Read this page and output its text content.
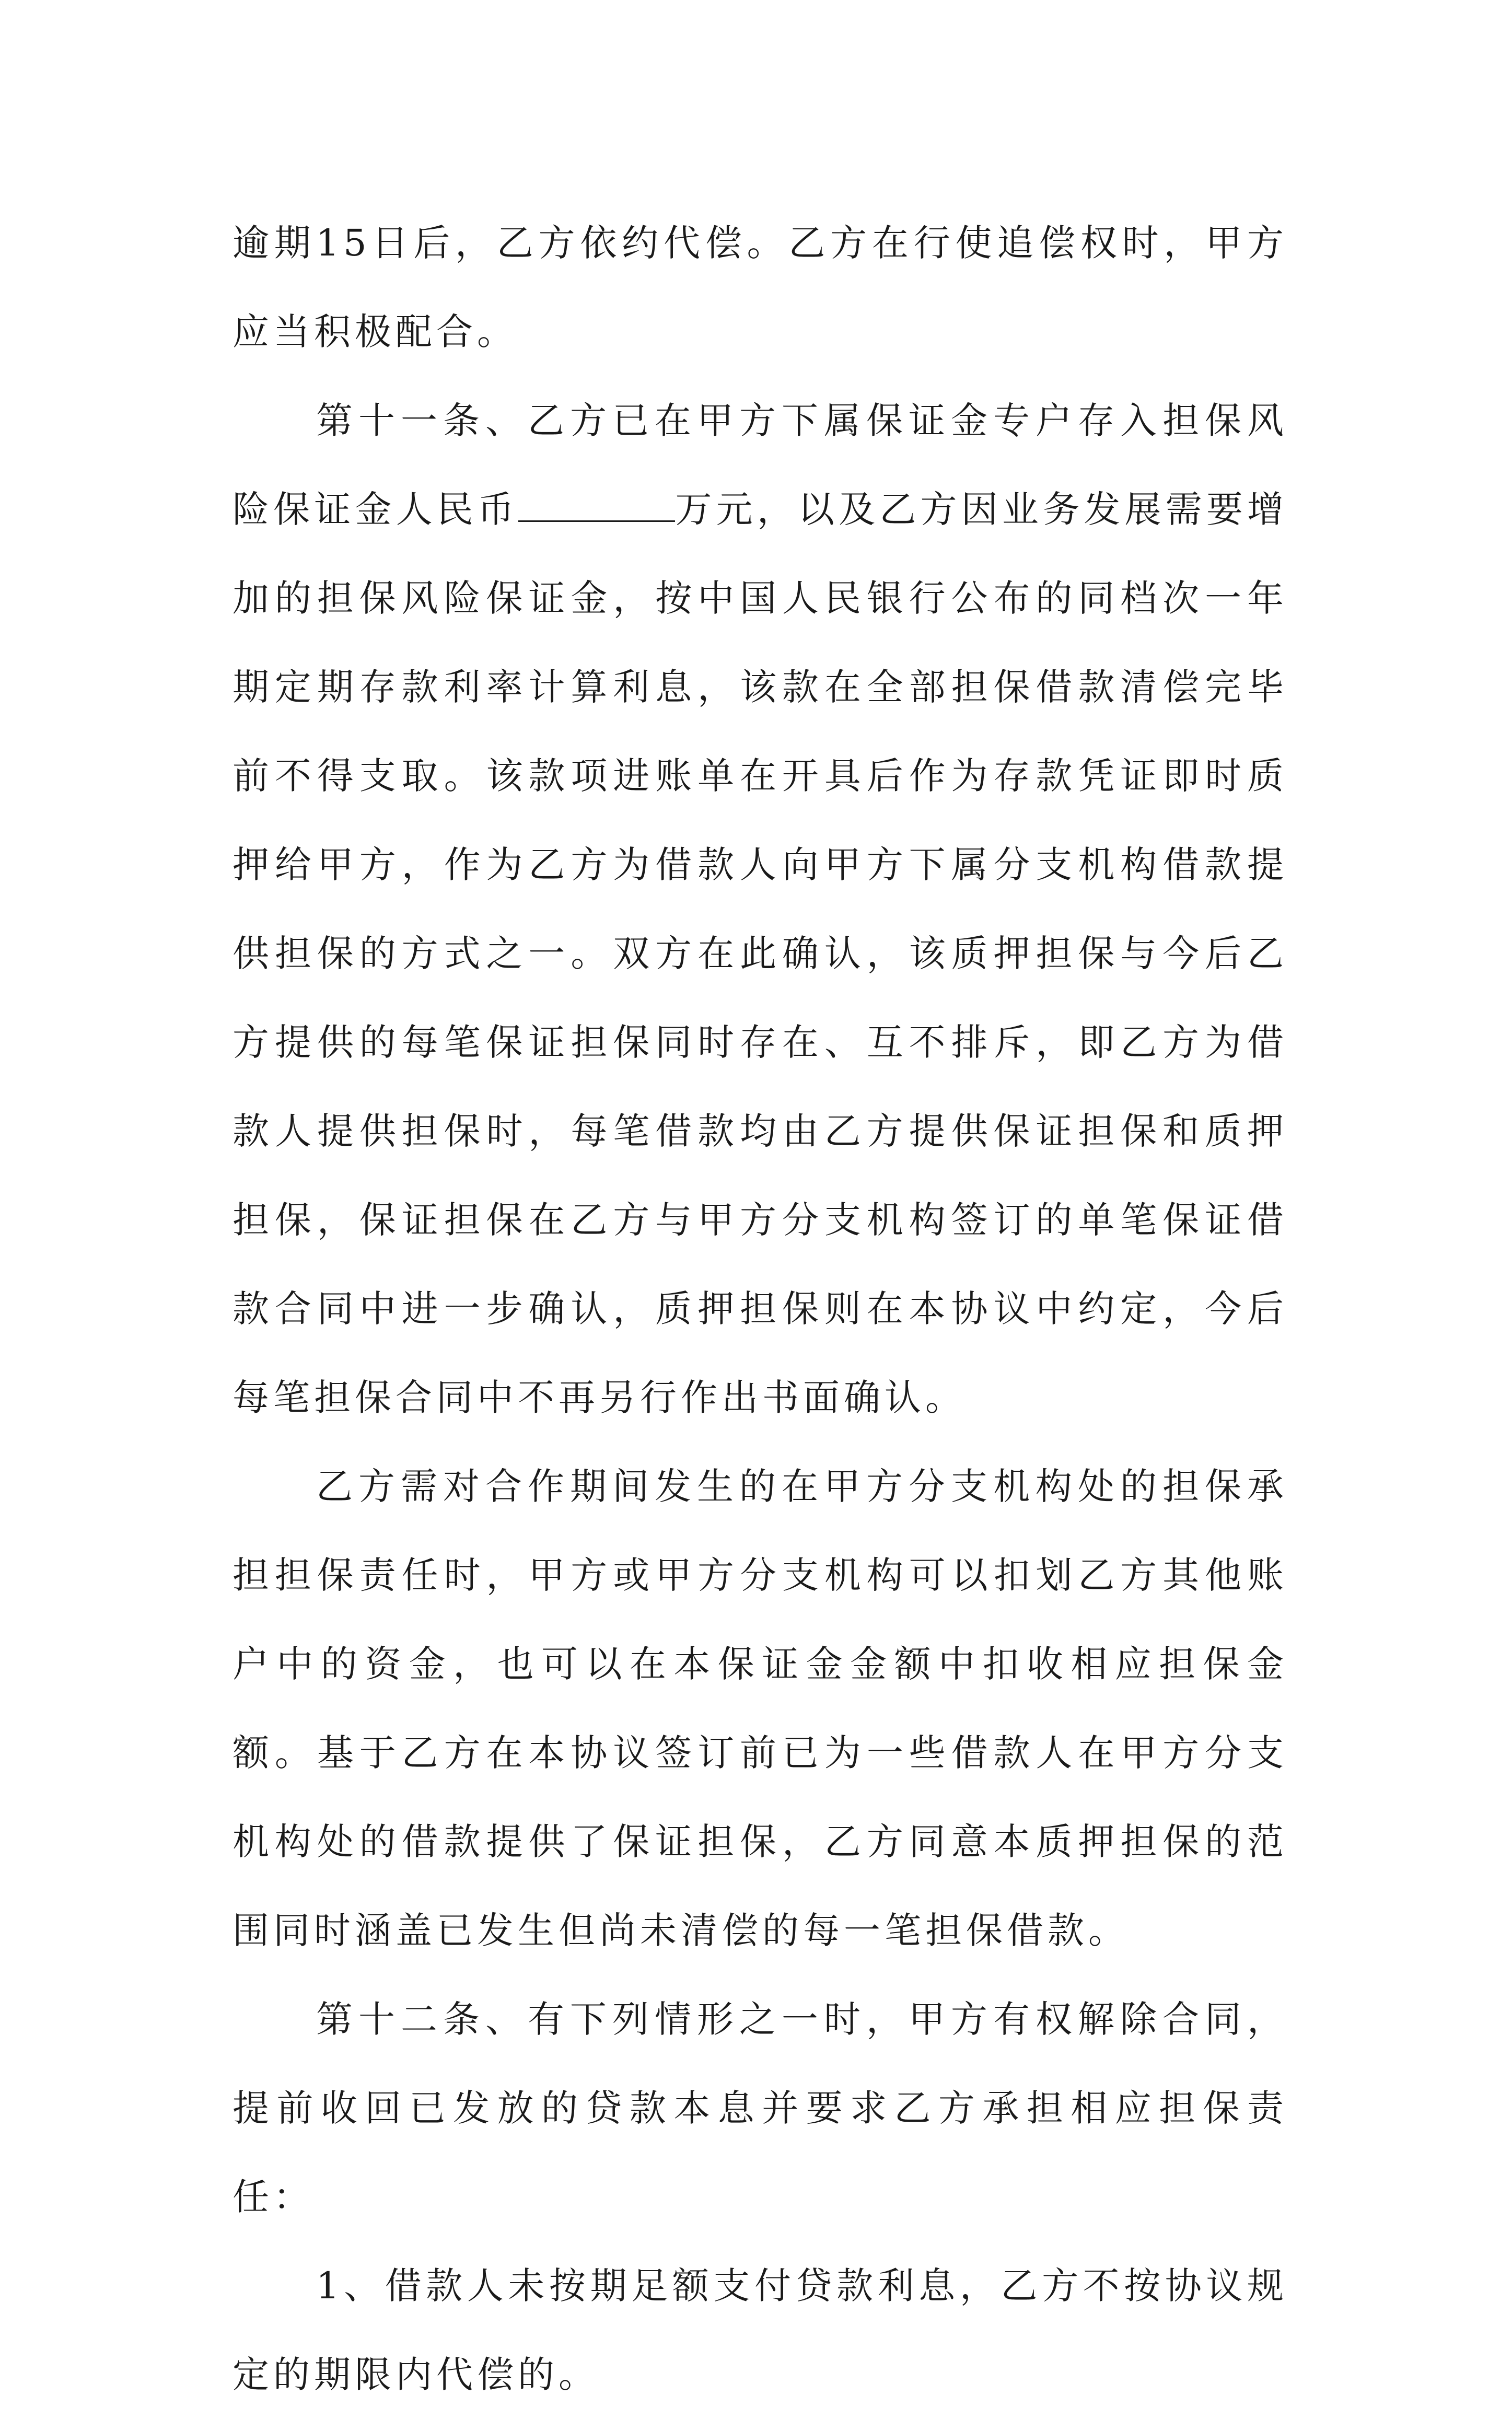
逾期15日后，乙方依约代偿。乙方在行使追偿权时，甲方应当积极配合。

第十一条、乙方已在甲方下属保证金专户存入担保风险保证金人民币	万元，以及乙方因业务发展需要增加的担保风险保证金，按中国人民银行公布的同档次一年期定期存款利率计算利息，该款在全部担保借款清偿完毕前不得支取。该款项进账单在开具后作为存款凭证即时质押给甲方，作为乙方为借款人向甲方下属分支机构借款提供担保的方式之一。双方在此确认，该质押担保与今后乙方提供的每笔保证担保同时存在、互不排斥，即乙方为借款人提供担保时，每笔借款均由乙方提供保证担保和质押担保，保证担保在乙方与甲方分支机构签订的单笔保证借款合同中进一步确认，质押担保则在本协议中约定，今后每笔担保合同中不再另行作出书面确认。

乙方需对合作期间发生的在甲方分支机构处的担保承担担保责任时，甲方或甲方分支机构可以扣划乙方其他账户中的资金，也可以在本保证金金额中扣收相应担保金额。基于乙方在本协议签订前已为一些借款人在甲方分支机构处的借款提供了保证担保，乙方同意本质押担保的范围同时涵盖已发生但尚未清偿的每一笔担保借款。

第十二条、有下列情形之一时，甲方有权解除合同，提前收回已发放的贷款本息并要求乙方承担相应担保责任：

1、借款人未按期足额支付贷款利息，乙方不按协议规定的期限内代偿的。
